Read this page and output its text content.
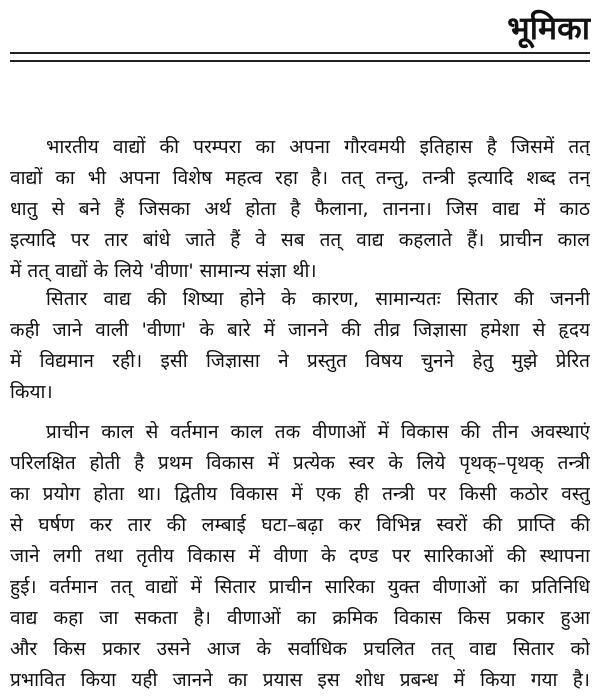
भूमिका
भारतीय वाद्यों की परम्परा का अपना गौरवमयी इतिहास है जिसमें तत्
वाद्यों का भी अपना विशेष महत्व रहा है। तत् तन्तु, तन्त्री इत्यादि शब्द तन्
धातु से बने हैं जिसका अर्थ होता है फैलाना, तानना। जिस वाद्य में काठ
इत्यादि पर तार बांधे जाते हैं वे सब तत् वाद्य कहलाते हैं। प्राचीन काल
में तत् वाद्यों के लिये 'वीणा' सामान्य संज्ञा थी।
सितार वाद्य की शिष्या होने के कारण, सामान्यतः सितार की जननी
कही जाने वाली 'वीणा' के बारे में जानने की तीव्र जिज्ञासा हमेशा से हृदय
में विद्यमान रही। इसी जिज्ञासा ने प्रस्तुत विषय चुनने हेतु मुझे प्रेरित
किया।
प्राचीन काल से वर्तमान काल तक वीणाओं में विकास की तीन अवस्थाएं
परिलक्षित होती है प्रथम विकास में प्रत्येक स्वर के लिये पृथक्–पृथक् तन्त्री
का प्रयोग होता था। द्वितीय विकास में एक ही तन्त्री पर किसी कठोर वस्तु
से घर्षण कर तार की लम्बाई घटा–बढ़ा कर विभिन्न स्वरों की प्राप्ति की
जाने लगी तथा तृतीय विकास में वीणा के दण्ड पर सारिकाओं की स्थापना
हुई। वर्तमान तत् वाद्यों में सितार प्राचीन सारिका युक्त वीणाओं का प्रतिनिधि
वाद्य कहा जा सकता है। वीणाओं का क्रमिक विकास किस प्रकार हुआ
और किस प्रकार उसने आज के सर्वाधिक प्रचलित तत् वाद्य सितार को
प्रभावित किया यही जानने का प्रयास इस शोध प्रबन्ध में किया गया है।
